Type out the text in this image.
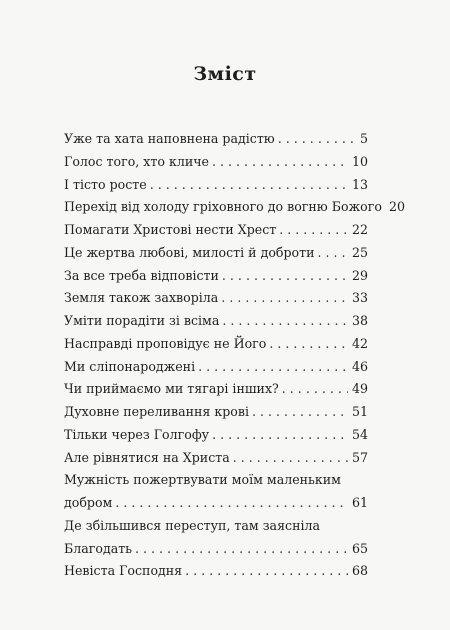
Зміст
Уже та хата наповнена радістю . . .	5
Голос того, хто кличе . . .	10
І тісто росте . . .	13
Перехід від холоду гріховного до вогню Божого 20
Помагати Христові нести Хрест . . .	22
Це жертва любові, милості й доброти . . .	25
За все треба відповісти . . .	29
Земля також захворіла . . .	33
Уміти порадіти зі всіма . . .	38
Насправді проповідує не Його . . .	42
Ми сліпонароджені . . .	46
Чи приймаємо ми тягарі інших? . . .	49
Духовне переливання крові . . .	51
Тільки через Голгофу . . .	54
Але рівнятися на Христа . . .	57
Мужність пожертвувати моїм маленьким
добром . . .	61
Де збільшився переступ, там заясніла
Благодать . . .	65
Невіста Господня . . .	68
